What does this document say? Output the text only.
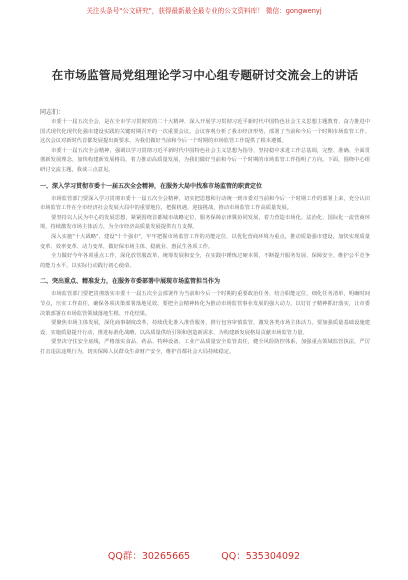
关注头条号"公文研究"，获得最新最全最专业的公文资料库！ 微信：gongwenyj
在市场监管局党组理论学习中心组专题研讨交流会上的讲话
同志们：

市委十一届五次全会，是在全市学习贯彻党的二十大精神、深入开展学习贯彻习近平新时代中国特色社会主义思想主题教育、奋力推进中国式现代化现代化强市建设实践的关键时期召开的一次重要会议。会议客观分析了我市经济形势，部署了当前和今后一个时期市场监管工作。这次会议对新时代首都发展提出新要求，为我们做好当前和今后一个时期的市场监管工作提供了根本遵循。

市委十一届五次全会精神，强调以学习贯彻习近平新时代中国特色社会主义思想为指导，坚持稳中求进工作总基调，完整、准确、全面贯彻新发展理念，加快构建新发展格局，着力推动高质量发展，为我们做好当前和今后一个时期的市场监管工作指明了方向。下面，围绕中心组研讨交流主题，我谈三点意见。

一、深入学习贯彻市委十一届五次全会精神，在服务大局中找准市场监管的职责定位

市场监管部门要深入学习贯彻市委十一届五次全会精神，切实把思想和行动统一到市委对当前和今后一个时期工作的部署上来，充分认识市场监管工作在全市经济社会发展大局中的重要地位，把握机遇、迎接挑战，推动市场监管工作高质量发展。

要坚持以人民为中心的发展思想，紧紧围绕首都城市战略定位，服务保障京津冀协同发展，着力营造市场化、法治化、国际化一流营商环境，持续激发市场主体活力，为全市经济高质量发展提供有力支撑。

深入实施"十大战略"，建设"十个强市"，牢牢把握市场监管工作的功能定位，以优化营商环境为重点，推动质量强市建设，加快实现质量变革、效率变革、动力变革，做好保市场主体、稳就业、惠民生各项工作。

全力做好今年各项重点工作，深化放管服改革，统筹发展和安全，在实践中锤炼过硬本领，不断提升服务发展、保障安全、维护公平竞争的能力水平，以实际行动践行初心使命。

二、突出重点、精准发力，在服务市委部署中展现市场监管担当作为

市场监管部门要把贯彻落实市委十一届五次全会部署作为当前和今后一个时期的重要政治任务，结合职能定位，细化任务清单，明确时间节点，压实工作责任，确保各项决策部署落地见效。要把全会精神转化为推动市场监管事业发展的强大动力，以钉钉子精神抓好落实，让市委决策部署在市场监管领域落地生根、开花结果。

要聚焦市场主体发展，深化商事制度改革，持续优化准入准营服务，推行包容审慎监管，激发各类市场主体活力。要加强质量基础设施建设，实施质量提升行动，推进标准化战略，以高质量供给引领和创造新需求，为构建新发展格局贡献市场监管力量。

要坚决守住安全底线，严格落实食品、药品、特种设备、工业产品质量安全监管责任，健全风险防控体系，加强重点领域监管执法，严厉打击违法违规行为，切实保障人民群众生命财产安全，维护首都社会大局持续稳定。

QQ群：30265665	QQ：535304092
